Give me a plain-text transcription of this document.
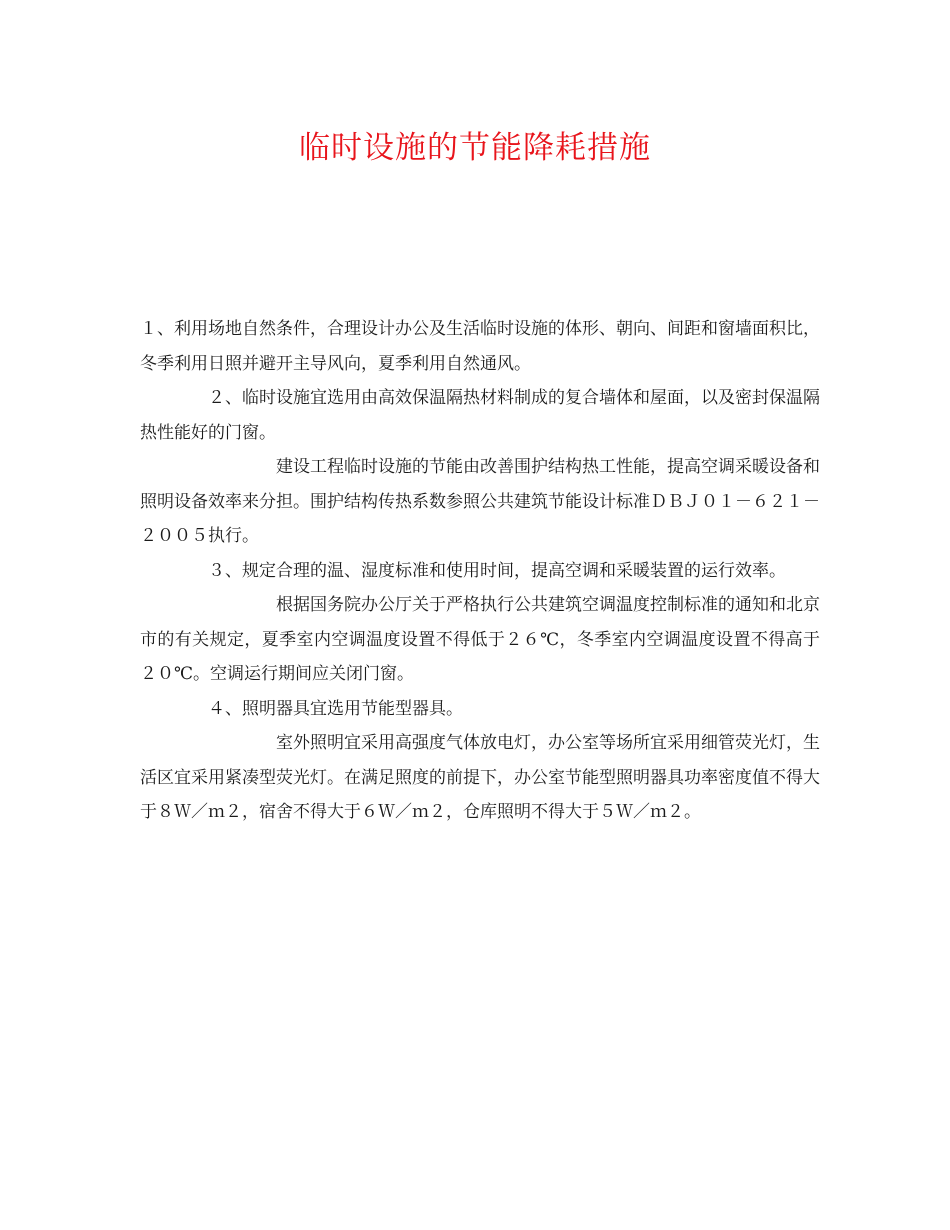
临时设施的节能降耗措施

１、利用场地自然条件，合理设计办公及生活临时设施的体形、朝向、间距和窗墙面积比，冬季利用日照并避开主导风向，夏季利用自然通风。

２、临时设施宜选用由高效保温隔热材料制成的复合墙体和屋面，以及密封保温隔热性能好的门窗。

建设工程临时设施的节能由改善围护结构热工性能，提高空调采暖设备和照明设备效率来分担。围护结构传热系数参照公共建筑节能设计标准ＤＢＪ０１－６２１－２００５执行。

３、规定合理的温、湿度标准和使用时间，提高空调和采暖装置的运行效率。

根据国务院办公厅关于严格执行公共建筑空调温度控制标准的通知和北京市的有关规定，夏季室内空调温度设置不得低于２６℃，冬季室内空调温度设置不得高于２０℃。空调运行期间应关闭门窗。

４、照明器具宜选用节能型器具。

室外照明宜采用高强度气体放电灯，办公室等场所宜采用细管荧光灯，生活区宜采用紧凑型荧光灯。在满足照度的前提下，办公室节能型照明器具功率密度值不得大于８Ｗ／ｍ２，宿舍不得大于６Ｗ／ｍ２，仓库照明不得大于５Ｗ／ｍ２。
